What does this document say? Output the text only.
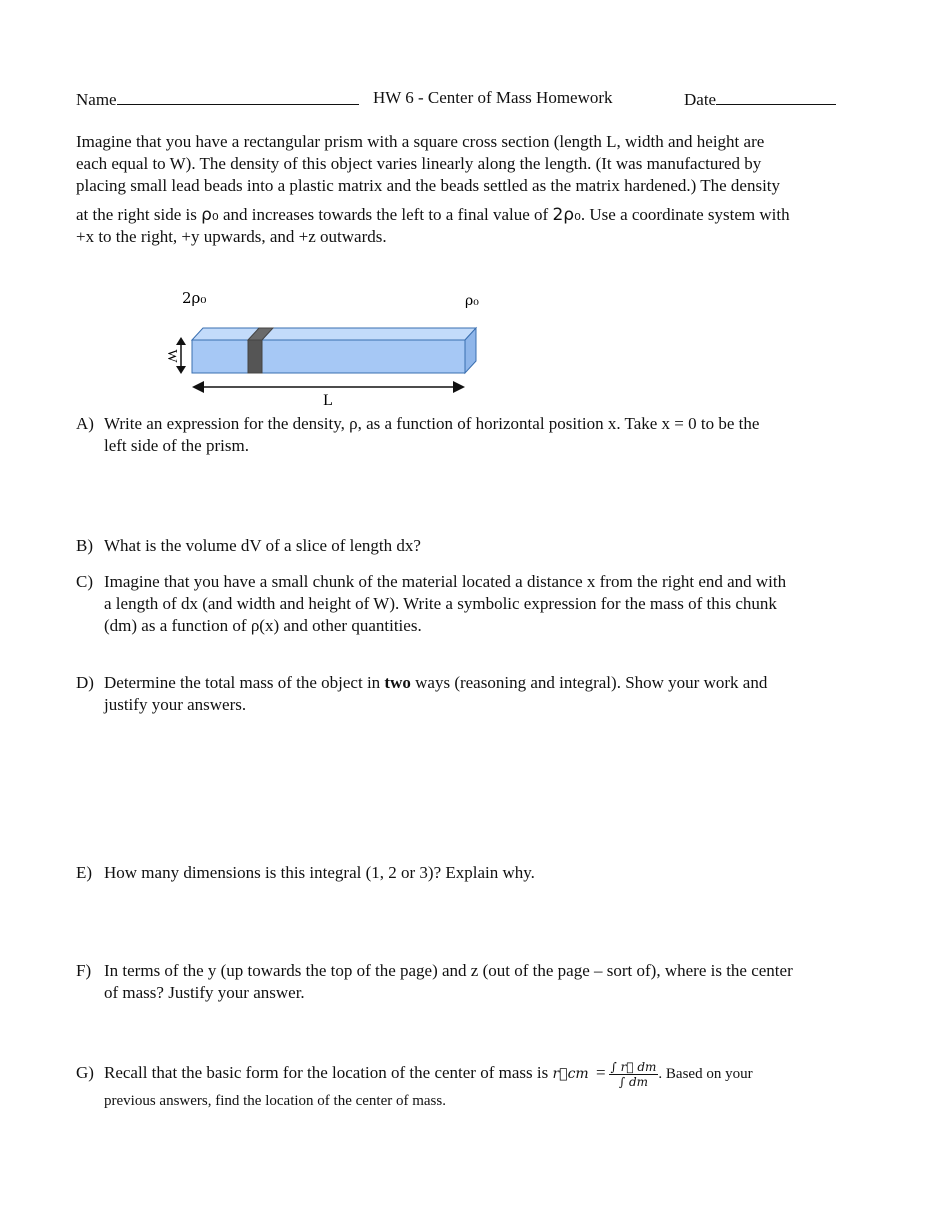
Name	HW 6 - Center of Mass Homework	Date
Imagine that you have a rectangular prism with a square cross section (length L, width and height are
each equal to W). The density of this object varies linearly along the length. (It was manufactured by
placing small lead beads into a plastic matrix and the beads settled as the matrix hardened.) The density
at the right side is ρ₀ and increases towards the left to a final value of 2ρ₀. Use a coordinate system with
+x to the right, +y upwards, and +z outwards.
2ρ₀	ρ₀
W
L
A) Write an expression for the density, ρ, as a function of horizontal position x. Take x = 0 to be the
left side of the prism.
B) What is the volume dV of a slice of length dx?
C) Imagine that you have a small chunk of the material located a distance x from the right end and with
a length of dx (and width and height of W). Write a symbolic expression for the mass of this chunk
(dm) as a function of ρ(x) and other quantities.
D) Determine the total mass of the object in two ways (reasoning and integral). Show your work and
justify your answers.
E) How many dimensions is this integral (1, 2 or 3)? Explain why.
F) In terms of the y (up towards the top of the page) and z (out of the page – sort of), where is the center
of mass? Justify your answer.
G) Recall that the basic form for the location of the center of mass is r⃗cm = $\frac{\int r⃗ dm}{\int dm}$ . Based on your
previous answers, find the location of the center of mass.
